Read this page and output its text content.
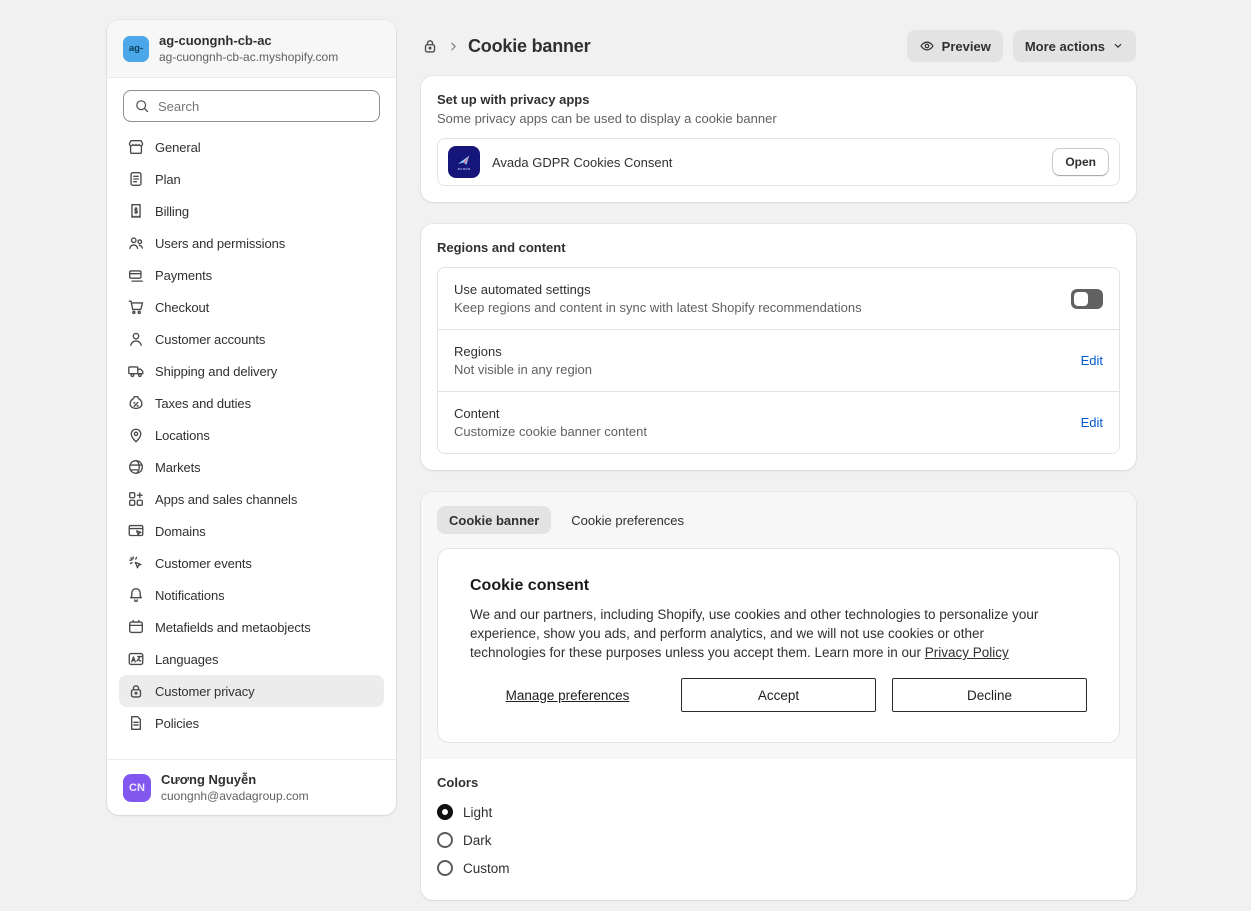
ag-
ag-cuongnh-cb-ac
ag-cuongnh-cb-ac.myshopify.com
Search
General
Plan
Billing
Users and permissions
Payments
Checkout
Customer accounts
Shipping and delivery
Taxes and duties
Locations
Markets
Apps and sales channels
Domains
Customer events
Notifications
Metafields and metaobjects
Languages
Customer privacy
Policies
CN
Cương Nguyễn
cuongnh@avadagroup.com
Cookie banner	Preview	More actions
Set up with privacy apps

Some privacy apps can be used to display a cookie banner

avada Avada GDPR Cookies Consent	Open
Regions and content
Use automated settings
Keep regions and content in sync with latest Shopify recommendations
Regions
Not visible in any region
Edit
Content
Customize cookie banner content
Edit
Cookie banner Cookie preferences
Cookie consent

We and our partners, including Shopify, use cookies and other technologies to personalize your experience, show you ads, and perform analytics, and we will not use cookies or other technologies for these purposes unless you accept them. Learn more in our Privacy Policy

Manage preferences	Accept	Decline
Colors
Light
Dark
Custom
